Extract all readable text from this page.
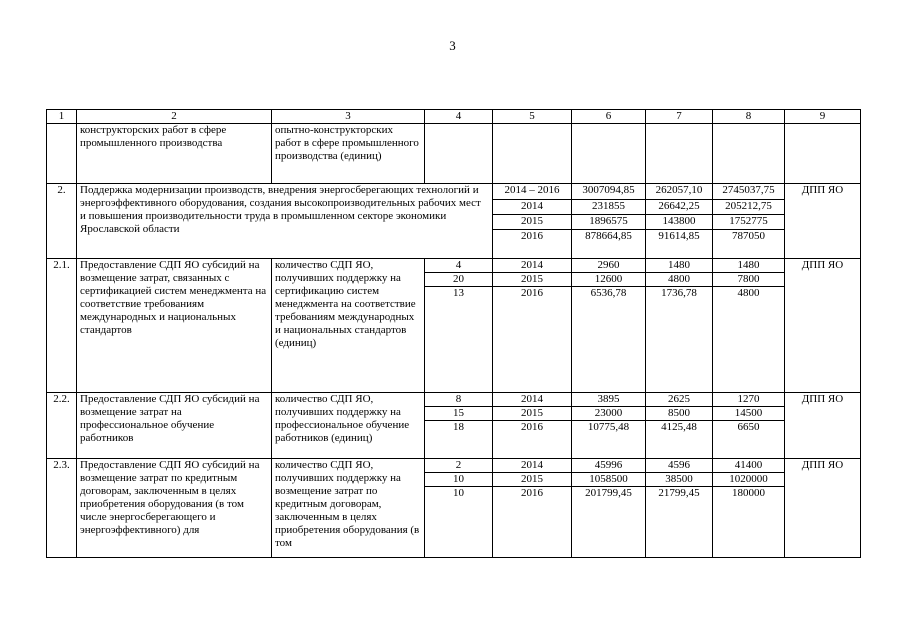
3
1	2	3	4	5	6	7	8	9
	конструкторских работ в сфере промышленного производства	опытно-конструкторских работ в сфере промышленного производства (единиц)						
2.	Поддержка модернизации производств, внедрения энергосберегающих технологий и энергоэффективного оборудования, создания высокопроизводительных рабочих мест и повышения производительности труда в промышленном секторе экономики Ярославской области			2014 – 2016	3007094,85	262057,10	2745037,75	ДПП ЯО
				2014	231855	26642,25	205212,75	
				2015	1896575	143800	1752775	
				2016	878664,85	91614,85	787050	
2.1.	Предоставление СДП ЯО субсидий на возмещение затрат, связанных с сертификацией систем менеджмента на соответствие требованиям международных и национальных стандартов	количество СДП ЯО, получивших поддержку на сертификацию систем менеджмента на соответствие требованиям международных и национальных стандартов (единиц)	4	2014	2960	1480	1480	ДПП ЯО
			20	2015	12600	4800	7800	
			13	2016	6536,78	1736,78	4800	
2.2.	Предоставление СДП ЯО субсидий на возмещение затрат на профессиональное обучение работников	количество СДП ЯО, получивших поддержку на профессиональное обучение работников (единиц)	8	2014	3895	2625	1270	ДПП ЯО
			15	2015	23000	8500	14500	
			18	2016	10775,48	4125,48	6650	
2.3.	Предоставление СДП ЯО субсидий на возмещение затрат по кредитным договорам, заключенным в целях приобретения оборудования (в том числе энергосберегающего и энергоэффективного) для	количество СДП ЯО, получивших поддержку на возмещение затрат по кредитным договорам, заключенным в целях приобретения оборудования (в том	2	2014	45996	4596	41400	ДПП ЯО
			10	2015	1058500	38500	1020000	
			10	2016	201799,45	21799,45	180000	
